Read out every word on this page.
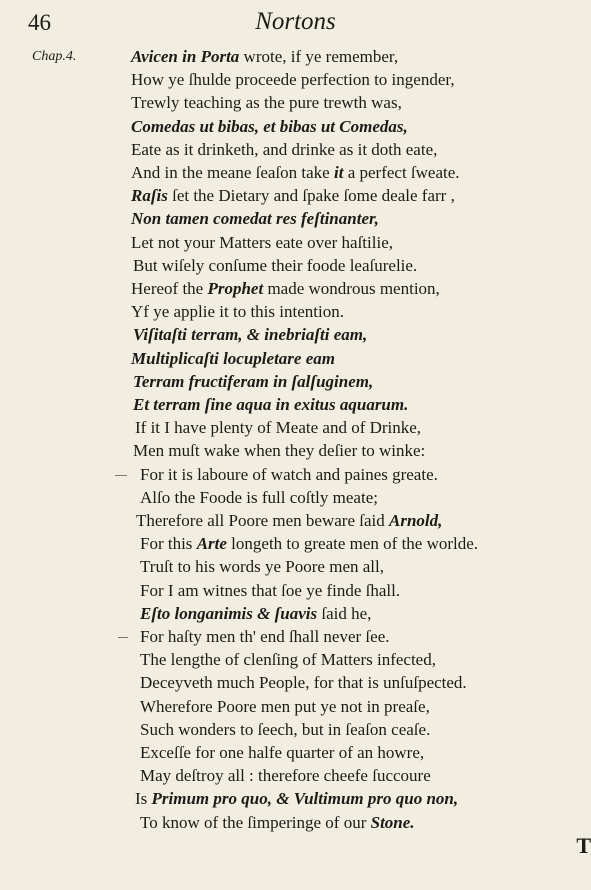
46	Nortons
Chap.4.	Avicen in Porta wrote, if ye remember,
How ye ſhulde proceede perfection to ingender,
Trewly teaching as the pure trewth was,
Comedas ut bibas, et bibas ut Comedas,
Eate as it drinketh, and drinke as it doth eate,
And in the meane ſeaſon take it a perfect ſweate.
Raſis ſet the Dietary and ſpake ſome deale farr ,
Non tamen comedat res feſtinanter,
Let not your Matters eate over haſtilie,
But wiſely conſume their foode leaſurelie.
Hereof the Prophet made wondrous mention,
Yf ye applie it to this intention.
Viſitaſti terram, & inebriaſti eam,
Multiplicaſti locupletare eam
Terram fructiferam in ſalſuginem,
Et terram ſine aqua in exitus aquarum.
If it I have plenty of Meate and of Drinke,
Men muſt wake when they deſier to winke:
For it is laboure of watch and paines greate.
Alſo the Foode is full coſtly meate;
Therefore all Poore men beware ſaid Arnold,
For this Arte longeth to greate men of the worlde.
Truſt to his words ye Poore men all,
For I am witnes that ſoe ye finde ſhall.
Eſto longanimis & ſuavis ſaid he,
For haſty men th' end ſhall never ſee.
The lengthe of clenſing of Matters infected,
Deceyveth much People, for that is unſuſpected.
Wherefore Poore men put ye not in preaſe,
Such wonders to ſeech, but in ſeaſon ceaſe.
Exceſſe for one halfe quarter of an howre,
May deſtroy all : therefore cheefe ſuccoure
Is Primum pro quo, & Vultimum pro quo non,
To know of the ſimperinge of our Stone.
T
